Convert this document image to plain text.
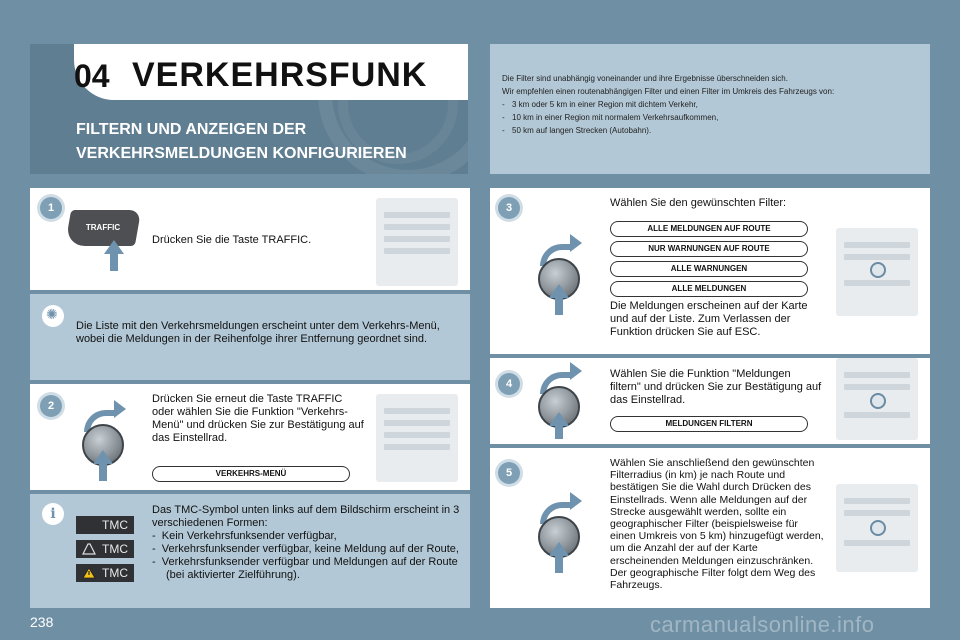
04 VERKEHRSFUNK
FILTERN UND ANZEIGEN DER
VERKEHRSMELDUNGEN KONFIGURIEREN
Die Filter sind unabhängig voneinander und ihre Ergebnisse überschneiden sich.
Wir empfehlen einen routenabhängigen Filter und einen Filter im Umkreis des Fahrzeugs von:
- 3 km oder 5 km in einer Region mit dichtem Verkehr,
- 10 km in einer Region mit normalem Verkehrsaufkommen,
- 50 km auf langen Strecken (Autobahn).
1
TRAFFIC
Drücken Sie die Taste TRAFFIC.
✺
Die Liste mit den Verkehrsmeldungen erscheint unter dem Verkehrs-Menü, wobei die Meldungen in der Reihenfolge ihrer Entfernung geordnet sind.
2
Drücken Sie erneut die Taste TRAFFIC oder wählen Sie die Funktion "Verkehrs-Menü" und drücken Sie zur Bestätigung auf das Einstellrad.
VERKEHRS-MENÜ
i
TMC
TMC
TMC
Das TMC-Symbol unten links auf dem Bildschirm erscheint in 3 verschiedenen Formen:
-  Kein Verkehrsfunksender verfügbar,
-  Verkehrsfunksender verfügbar, keine Meldung auf der Route,
-  Verkehrsfunksender verfügbar und Meldungen auf der Route (bei aktivierter Zielführung).
3	Wählen Sie den gewünschten Filter:
ALLE MELDUNGEN AUF ROUTE
NUR WARNUNGEN AUF ROUTE
ALLE WARNUNGEN
ALLE MELDUNGEN
Die Meldungen erscheinen auf der Karte und auf der Liste. Zum Verlassen der Funktion drücken Sie auf ESC.
4
Wählen Sie die Funktion "Meldungen filtern" und drücken Sie zur Bestätigung auf das Einstellrad.
MELDUNGEN FILTERN
5
Wählen Sie anschließend den gewünschten Filterradius (in km) je nach Route und bestätigen Sie die Wahl durch Drücken des Einstellrads. Wenn alle Meldungen auf der Strecke ausgewählt werden, sollte ein geographischer Filter (beispielsweise für einen Umkreis von 5 km) hinzugefügt werden, um die Anzahl der auf der Karte erscheinenden Meldungen einzuschränken. Der geographische Filter folgt dem Weg des Fahrzeugs.
238	carmanualsonline.info
